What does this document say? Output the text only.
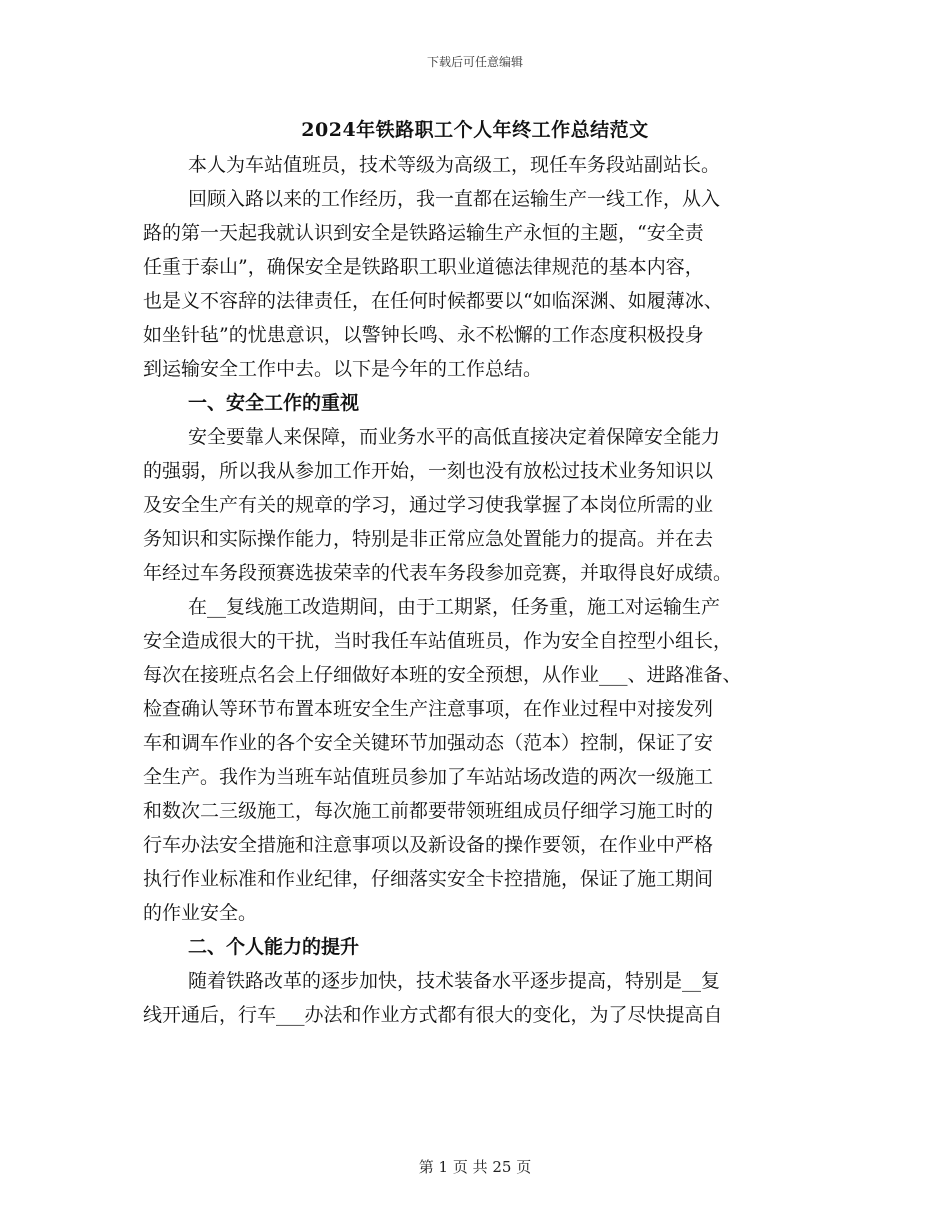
下载后可任意编辑
2024年铁路职工个人年终工作总结范文
本人为车站值班员，技术等级为高级工，现任车务段站副站长。
回顾入路以来的工作经历，我一直都在运输生产一线工作，从入
路的第一天起我就认识到安全是铁路运输生产永恒的主题，“安全责
任重于泰山”，确保安全是铁路职工职业道德法律规范的基本内容，
也是义不容辞的法律责任，在任何时候都要以“如临深渊、如履薄冰、
如坐针毡”的忧患意识，以警钟长鸣、永不松懈的工作态度积极投身
到运输安全工作中去。以下是今年的工作总结。
一、安全工作的重视
安全要靠人来保障，而业务水平的高低直接决定着保障安全能力
的强弱，所以我从参加工作开始，一刻也没有放松过技术业务知识以
及安全生产有关的规章的学习，通过学习使我掌握了本岗位所需的业
务知识和实际操作能力，特别是非正常应急处置能力的提高。并在去
年经过车务段预赛选拔荣幸的代表车务段参加竞赛，并取得良好成绩。
在__复线施工改造期间，由于工期紧，任务重，施工对运输生产
安全造成很大的干扰，当时我任车站值班员，作为安全自控型小组长，
每次在接班点名会上仔细做好本班的安全预想，从作业___、进路准备、
检查确认等环节布置本班安全生产注意事项，在作业过程中对接发列
车和调车作业的各个安全关键环节加强动态（范本）控制，保证了安
全生产。我作为当班车站值班员参加了车站站场改造的两次一级施工
和数次二三级施工，每次施工前都要带领班组成员仔细学习施工时的
行车办法安全措施和注意事项以及新设备的操作要领，在作业中严格
执行作业标准和作业纪律，仔细落实安全卡控措施，保证了施工期间
的作业安全。
二、个人能力的提升
随着铁路改革的逐步加快，技术装备水平逐步提高，特别是__复
线开通后，行车___办法和作业方式都有很大的变化，为了尽快提高自
第 1 页 共 25 页
